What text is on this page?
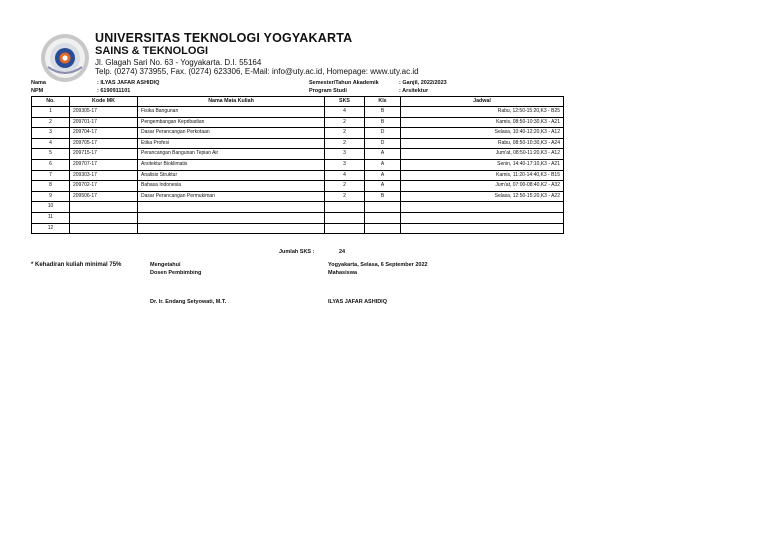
UNIVERSITAS TEKNOLOGI YOGYAKARTA
SAINS & TEKNOLOGI
Jl. Glagah Sari No. 63 - Yogyakarta. D.I. 55164
Telp. (0274) 373955, Fax. (0274) 623306, E-Mail: info@uty.ac.id, Homepage: www.uty.ac.id
Nama	: ILYAS JAFAR ASHIDIQ
NPM	: 6190911101
Semester/Tahun Akademik	: Ganjil, 2022/2023
Program Studi	: Arsitektur
No.	Kode MK	Nama Mata Kuliah	SKS	Kls	Jadwal
1	209305-17	Fisika Bangunan	4	B	Rabu, 12:50-15:20,K3 - B25
2	209701-17	Pengembangan Kepribadian	2	B	Kamis, 08:50-10:30,K3 - A21
3	209704-17	Dasar Perancangan Perkotaan	2	D	Selasa, 10:40-12:20,K3 - A12
4	209705-17	Etika Profesi	2	D	Rabu, 08:50-10:30,K3 - A24
5	209715-17	Perancangan Bangunan Tepian Air	3	A	Jum'at, 08:50-11:20,K3 - A12
6	209707-17	Arsitektur Bioklimatis	3	A	Senin, 14:40-17:10,K3 - A21
7	209303-17	Analisis Struktur	4	A	Kamis, 11:20-14:40,K3 - B15
8	209702-17	Bahasa Indonesia	2	A	Jum'at, 07:00-08:40,K2 - A32
9	209506-17	Dasar Perancangan Permukiman	2	B	Selasa, 12:50-15:20,K3 - A22
10					
11					
12					
Jumlah SKS :	24
* Kehadiran kuliah minimal 75%	Mengetahui
Dosen Pembimbing
Dr. Ir. Endang Setyowati, M.T.
Yogyakarta, Selasa, 6 September 2022
Mahasiswa
ILYAS JAFAR ASHIDIQ
